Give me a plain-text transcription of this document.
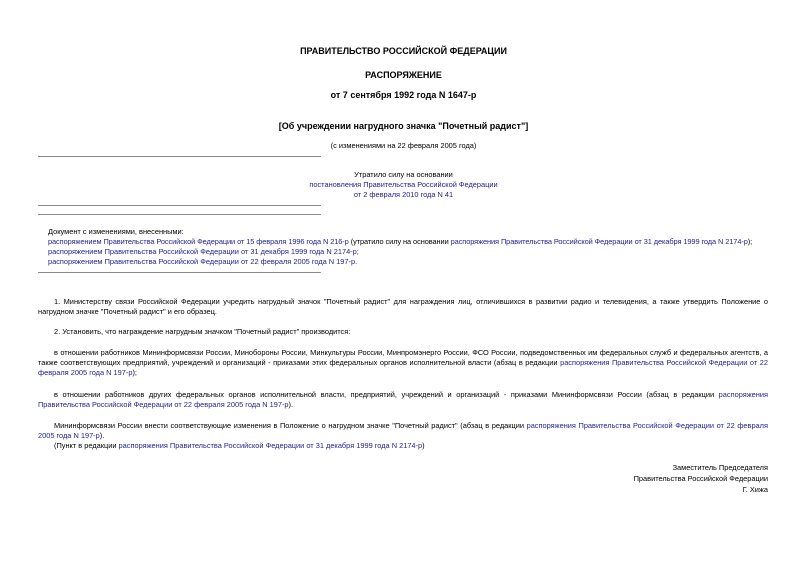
ПРАВИТЕЛЬСТВО РОССИЙСКОЙ ФЕДЕРАЦИИ
РАСПОРЯЖЕНИЕ
от 7 сентября 1992 года N 1647-р
[Об учреждении нагрудного значка "Почетный радист"]
(с изменениями на 22 февраля 2005 года)
Утратило силу на основании
постановления Правительства Российской Федерации
от 2 февраля 2010 года N 41
Документ с изменениями, внесенными:
распоряжением Правительства Российской Федерации от 15 февраля 1996 года N 216-р (утратило силу на основании распоряжения Правительства Российской Федерации от 31 декабря 1999 года N 2174-р);
распоряжением Правительства Российской Федерации от 31 декабря 1999 года N 2174-р;
распоряжением Правительства Российской Федерации от 22 февраля 2005 года N 197-р.
1. Министерству связи Российской Федерации учредить нагрудный значок "Почетный радист" для награждения лиц, отличившихся в развитии радио и телевидения, а также утвердить Положение о нагрудном значке "Почетный радист" и его образец.
2. Установить, что награждение нагрудным значком "Почетный радист" производится:
в отношении работников Мининформсвязи России, Минобороны России, Минкультуры России, Минпромэнерго России, ФСО России, подведомственных им федеральных служб и федеральных агентств, а также соответствующих предприятий, учреждений и организаций - приказами этих федеральных органов исполнительной власти (абзац в редакции распоряжения Правительства Российской Федерации от 22 февраля 2005 года N 197-р);
в отношении работников других федеральных органов исполнительной власти, предприятий, учреждений и организаций - приказами Мининформсвязи России (абзац в редакции распоряжения Правительства Российской Федерации от 22 февраля 2005 года N 197-р).
Мининформсвязи России внести соответствующие изменения в Положение о нагрудном значке "Почетный радист" (абзац в редакции распоряжения Правительства Российской Федерации от 22 февраля 2005 года N 197-р).
(Пункт в редакции распоряжения Правительства Российской Федерации от 31 декабря 1999 года N 2174-р)
Заместитель Председателя
Правительства Российской Федерации
Г. Хижа
